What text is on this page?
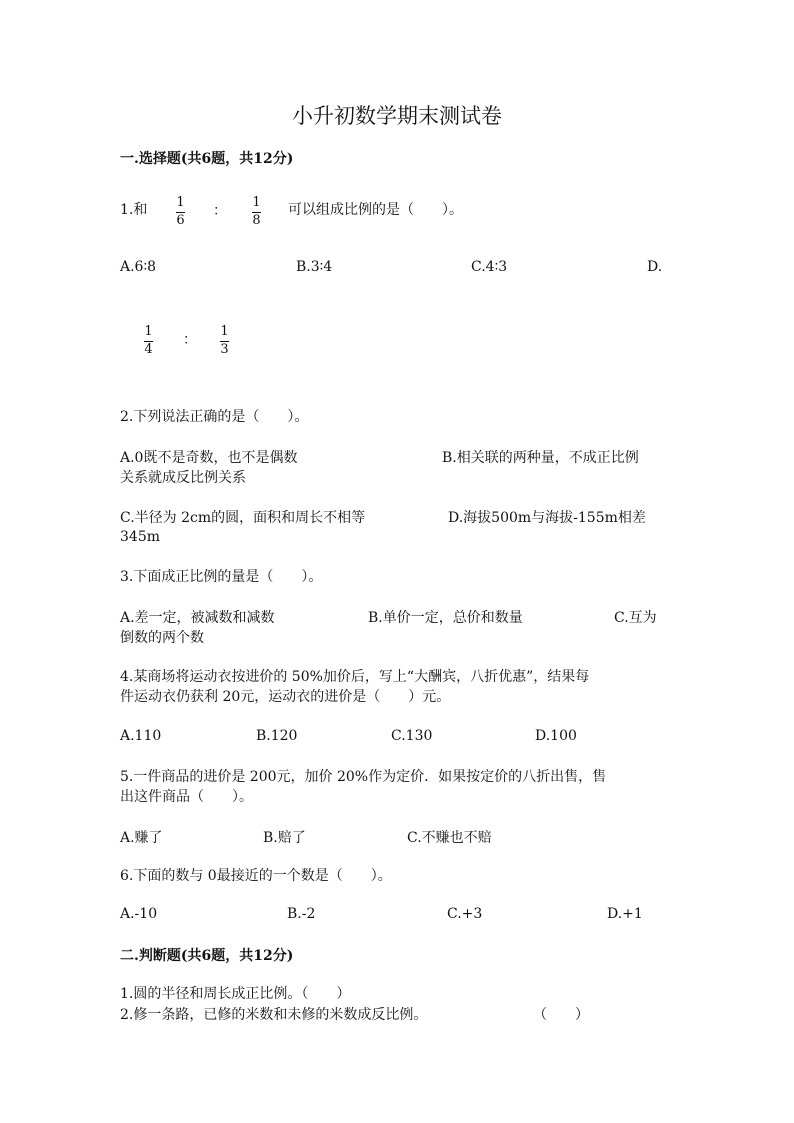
小升初数学期末测试卷
一.选择题(共6题，共12分)
1.和 1
6
：
1
8
可以组成比例的是（　　）。
A.6∶8	B.3∶4	C.4∶3	D.
1
4
：
1
3
2.下列说法正确的是（　　）。
A.0既不是奇数，也不是偶数	B.相关联的两种量，不成正比例
关系就成反比例关系
C.半径为 2cm的圆，面积和周长不相等	D.海拔500m与海拔-155m相差
345m
3.下面成正比例的量是（　　）。
A.差一定，被减数和减数	B.单价一定，总价和数量	C.互为
倒数的两个数
4.某商场将运动衣按进价的 50%加价后，写上“大酬宾，八折优惠”，结果每
件运动衣仍获利 20元，运动衣的进价是（　　）元。
A.110	B.120	C.130	D.100
5.一件商品的进价是 200元，加价 20%作为定价．如果按定价的八折出售，售
出这件商品（　　）。
A.赚了	B.赔了	C.不赚也不赔
6.下面的数与 0最接近的一个数是（　　）。
A.-10	B.-2	C.+3	D.+1
二.判断题(共6题，共12分)
1.圆的半径和周长成正比例。（　　）
2.修一条路，已修的米数和未修的米数成反比例。	（　　）
